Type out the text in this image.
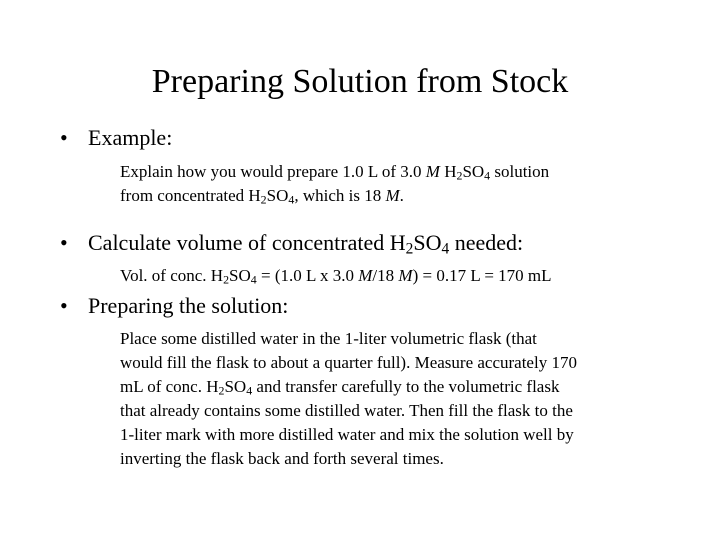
Preparing Solution from Stock
• Example:
Explain how you would prepare 1.0 L of 3.0 M $H_2SO_4$ solution
from concentrated $H_2SO_4$, which is 18 M.
• Calculate volume of concentrated $H_2SO_4$ needed:
Vol. of conc. $H_2SO_4 = (1.0$ L x 3.0 M/18 M) = 0.17 L = 170 mL
• Preparing the solution:
Place some distilled water in the 1-liter volumetric flask (that
would fill the flask to about a quarter full). Measure accurately 170
mL of conc. $H_2SO_4$ and transfer carefully to the volumetric flask
that already contains some distilled water. Then fill the flask to the
1-liter mark with more distilled water and mix the solution well by
inverting the flask back and forth several times.
